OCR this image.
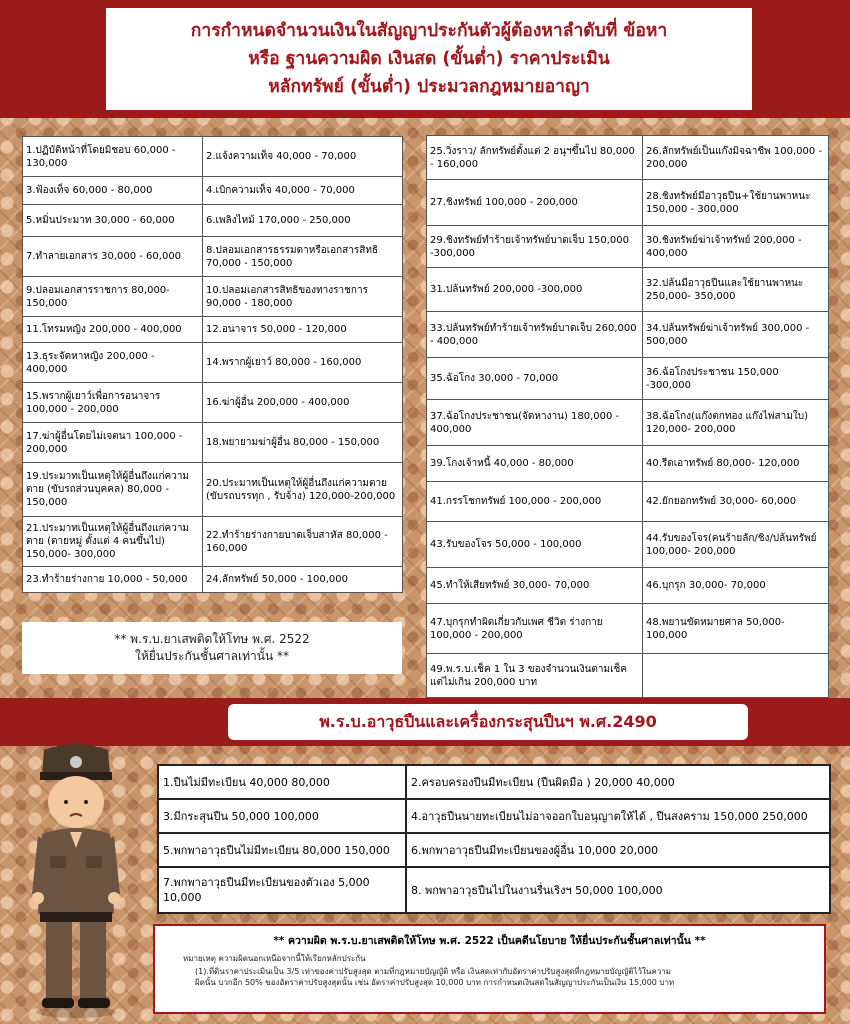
การกำหนดจำนวนเงินในสัญญาประกันตัวผู้ต้องหาลำดับที่ ข้อหา
หรือ ฐานความผิด เงินสด (ขั้นต่ำ) ราคาประเมิน
หลักทรัพย์ (ขั้นต่ำ) ประมวลกฎหมายอาญา
1.ปฏิบัติหน้าที่โดยมิชอบ 60,000 - 130,000	2.แจ้งความเท็จ 40,000 - 70,000
3.ฟ้องเท็จ 60,000 - 80,000	4.เบิกความเท็จ 40,000 - 70,000
5.หมิ่นประมาท 30,000 - 60,000	6.เพลิงไหม้ 170,000 - 250,000
7.ทำลายเอกสาร 30,000 - 60,000	8.ปลอมเอกสารธรรมดาหรือเอกสารสิทธิ 70,000 - 150,000
9.ปลอมเอกสารราชการ 80,000-150,000	10.ปลอมเอกสารสิทธิของทางราชการ 90,000 - 180,000
11.โทรมหญิง 200,000 - 400,000	12.อนาจาร 50,000 - 120,000
13.ธุระจัดหาหญิง 200,000 - 400,000	14.พรากผู้เยาว์ 80,000 - 160,000
15.พรากผู้เยาว์เพื่อการอนาจาร 100,000 - 200,000	16.ฆ่าผู้อื่น 200,000 - 400,000
17.ฆ่าผู้อื่นโดยไม่เจตนา 100,000 - 200,000	18.พยายามฆ่าผู้อื่น 80,000 - 150,000
19.ประมาทเป็นเหตุให้ผู้อื่นถึงแก่ความตาย (ขับรถส่วนบุคคล) 80,000 - 150,000	20.ประมาทเป็นเหตุให้ผู้อื่นถึงแก่ความตาย (ขับรถบรรทุก , รับจ้าง) 120,000-200,000
21.ประมาทเป็นเหตุให้ผู้อื่นถึงแก่ความตาย (ตายหมู่ ตั้งแต่ 4 คนขึ้นไป) 150,000- 300,000	22.ทำร้ายร่างกายบาดเจ็บสาหัส 80,000 - 160,000
23.ทำร้ายร่างกาย 10,000 - 50,000	24.ลักทรัพย์ 50,000 - 100,000
25.วิ่งราว/ ลักทรัพย์ตั้งแต่ 2 อนุฯขึ้นไป 80,000 - 160,000	26.ลักทรัพย์เป็นแก๊งมิจฉาชีพ 100,000 - 200,000
27.ชิงทรัพย์ 100,000 - 200,000	28.ชิงทรัพย์มีอาวุธปืน+ใช้ยานพาหนะ 150,000 - 300,000
29.ชิงทรัพย์ทำร้ายเจ้าทรัพย์บาดเจ็บ 150,000 -300,000	30.ชิงทรัพย์ฆ่าเจ้าทรัพย์ 200,000 - 400,000
31.ปล้นทรัพย์ 200,000 -300,000	32.ปล้นมีอาวุธปืนและใช้ยานพาหนะ 250,000- 350,000
33.ปล้นทรัพย์ทำร้ายเจ้าทรัพย์บาดเจ็บ 260,000 - 400,000	34.ปล้นทรัพย์ฆ่าเจ้าทรัพย์ 300,000 - 500,000
35.ฉ้อโกง 30,000 - 70,000	36.ฉ้อโกงประชาชน 150,000 -300,000
37.ฉ้อโกงประชาชน(จัดหางาน) 180,000 - 400,000	38.ฉ้อโกง(แก๊งตกทอง แก๊งไพ่สามใบ) 120,000- 200,000
39.โกงเจ้าหนี้ 40,000 - 80,000	40.รีดเอาทรัพย์ 80,000- 120,000
41.กรรโชกทรัพย์ 100,000 - 200,000	42.ยักยอกทรัพย์ 30,000- 60,000
43.รับของโจร 50,000 - 100,000	44.รับของโจร(คนร้ายลัก/ชิง/ปล้นทรัพย์ 100,000- 200,000
45.ทำให้เสียทรัพย์ 30,000- 70,000	46.บุกรุก 30,000- 70,000
47.บุกรุกทำผิดเกี่ยวกับเพศ ชีวิต ร่างกาย 100,000 - 200,000	48.พยานขัดหมายศาล 50,000-100,000
49.พ.ร.บ.เช็ค 1 ใน 3 ของจำนวนเงินตามเช็คแต่ไม่เกิน 200,000 บาท	
** พ.ร.บ.ยาเสพติดให้โทษ พ.ศ. 2522
ให้ยื่นประกันชั้นศาลเท่านั้น **
พ.ร.บ.อาวุธปืนและเครื่องกระสุนปืนฯ พ.ศ.2490
1.ปืนไม่มีทะเบียน 40,000 80,000	2.ครอบครองปืนมีทะเบียน (ปืนผิดมือ ) 20,000 40,000
3.มีกระสุนปืน 50,000 100,000	4.อาวุธปืนนายทะเบียนไม่อาจออกใบอนุญาตให้ได้ , ปืนสงคราม 150,000 250,000
5.พกพาอาวุธปืนไม่มีทะเบียน 80,000 150,000	6.พกพาอาวุธปืนมีทะเบียนของผู้อื่น 10,000 20,000
7.พกพาอาวุธปืนมีทะเบียนของตัวเอง 5,000 10,000	8. พกพาอาวุธปืนไปในงานรื่นเริงฯ 50,000 100,000
** ความผิด พ.ร.บ.ยาเสพติดให้โทษ พ.ศ. 2522 เป็นคดีนโยบาย ให้ยื่นประกันชั้นศาลเท่านั้น **
หมายเหตุ ความผิดนอกเหนือจากนี้ให้เรียกหลักประกัน
(1).ที่ดินราคาประเมินเป็น 3/5 เท่าของค่าปรับสูงสุด ตามที่กฎหมายบัญญัติ หรือ เงินสดเท่ากับอัตราค่าปรับสูงสุดที่กฎหมายบัญญัติไว้ในความ
ผิดนั้น บวกอีก 50% ของอัตราค่าปรับสูงสุดนั้น เช่น อัตราค่าปรับสูงสุด 10,000 บาท การกำหนดเงินสดในสัญญาประกันเป็นเงิน 15,000 บาท
